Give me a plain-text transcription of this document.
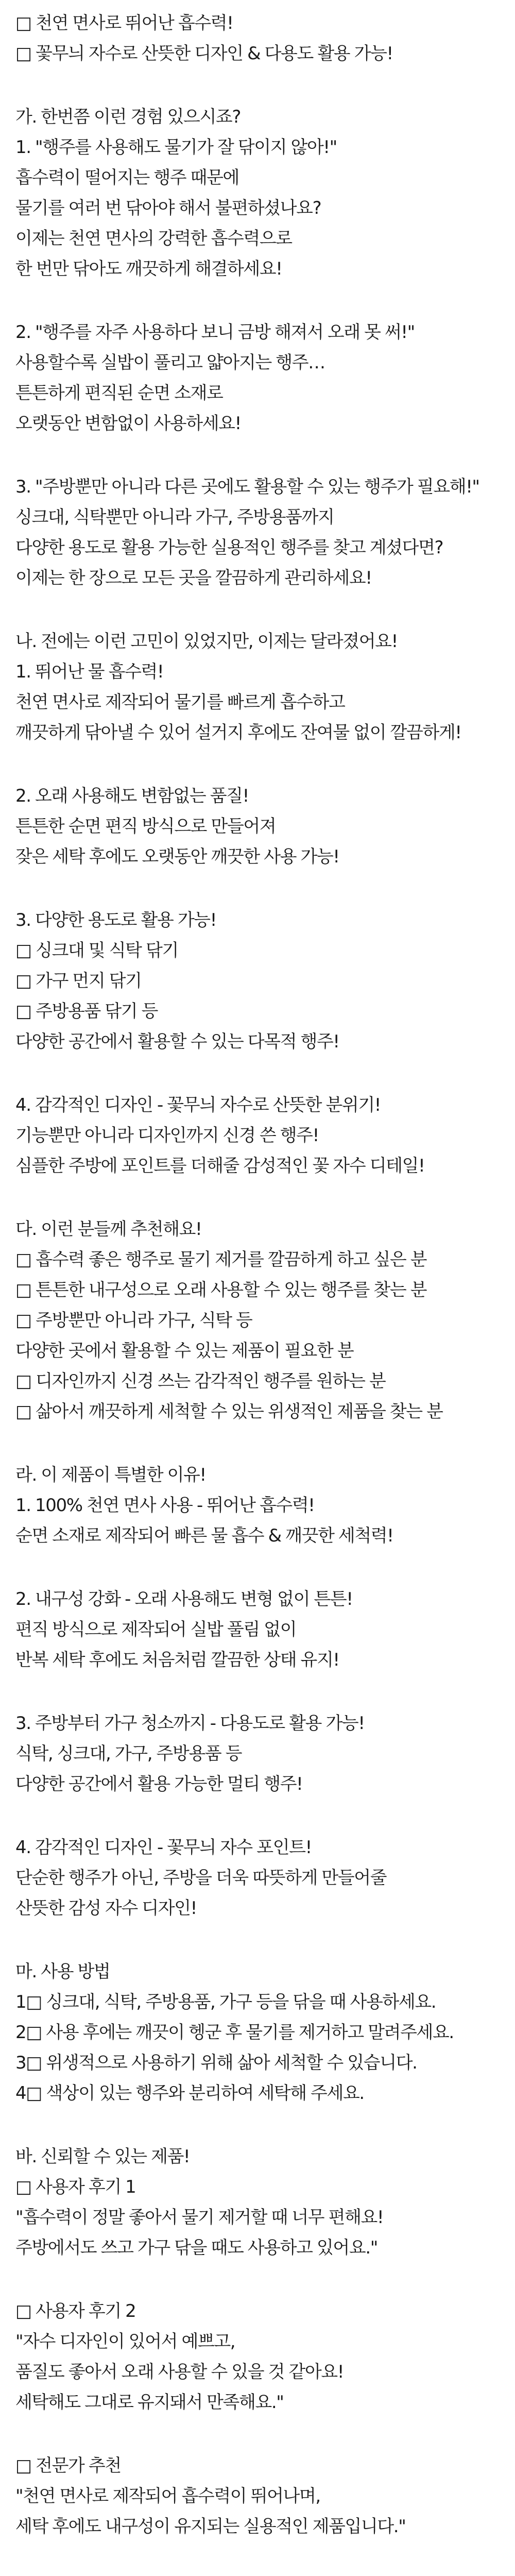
□ 천연 면사로 뛰어난 흡수력!
□ 꽃무늬 자수로 산뜻한 디자인 & 다용도 활용 가능!
가. 한번쯤 이런 경험 있으시죠?
1. "행주를 사용해도 물기가 잘 닦이지 않아!"
흡수력이 떨어지는 행주 때문에
물기를 여러 번 닦아야 해서 불편하셨나요?
이제는 천연 면사의 강력한 흡수력으로
한 번만 닦아도 깨끗하게 해결하세요!
2. "행주를 자주 사용하다 보니 금방 해져서 오래 못 써!"
사용할수록 실밥이 풀리고 얇아지는 행주…
튼튼하게 편직된 순면 소재로
오랫동안 변함없이 사용하세요!
3. "주방뿐만 아니라 다른 곳에도 활용할 수 있는 행주가 필요해!"
싱크대, 식탁뿐만 아니라 가구, 주방용품까지
다양한 용도로 활용 가능한 실용적인 행주를 찾고 계셨다면?
이제는 한 장으로 모든 곳을 깔끔하게 관리하세요!
나. 전에는 이런 고민이 있었지만, 이제는 달라졌어요!
1. 뛰어난 물 흡수력!
천연 면사로 제작되어 물기를 빠르게 흡수하고
깨끗하게 닦아낼 수 있어 설거지 후에도 잔여물 없이 깔끔하게!
2. 오래 사용해도 변함없는 품질!
튼튼한 순면 편직 방식으로 만들어져
잦은 세탁 후에도 오랫동안 깨끗한 사용 가능!
3. 다양한 용도로 활용 가능!
□ 싱크대 및 식탁 닦기
□ 가구 먼지 닦기
□ 주방용품 닦기 등
다양한 공간에서 활용할 수 있는 다목적 행주!
4. 감각적인 디자인 - 꽃무늬 자수로 산뜻한 분위기!
기능뿐만 아니라 디자인까지 신경 쓴 행주!
심플한 주방에 포인트를 더해줄 감성적인 꽃 자수 디테일!
다. 이런 분들께 추천해요!
□ 흡수력 좋은 행주로 물기 제거를 깔끔하게 하고 싶은 분
□ 튼튼한 내구성으로 오래 사용할 수 있는 행주를 찾는 분
□ 주방뿐만 아니라 가구, 식탁 등
다양한 곳에서 활용할 수 있는 제품이 필요한 분
□ 디자인까지 신경 쓰는 감각적인 행주를 원하는 분
□ 삶아서 깨끗하게 세척할 수 있는 위생적인 제품을 찾는 분
라. 이 제품이 특별한 이유!
1. 100% 천연 면사 사용 - 뛰어난 흡수력!
순면 소재로 제작되어 빠른 물 흡수 & 깨끗한 세척력!
2. 내구성 강화 - 오래 사용해도 변형 없이 튼튼!
편직 방식으로 제작되어 실밥 풀림 없이
반복 세탁 후에도 처음처럼 깔끔한 상태 유지!
3. 주방부터 가구 청소까지 - 다용도로 활용 가능!
식탁, 싱크대, 가구, 주방용품 등
다양한 공간에서 활용 가능한 멀티 행주!
4. 감각적인 디자인 - 꽃무늬 자수 포인트!
단순한 행주가 아닌, 주방을 더욱 따뜻하게 만들어줄
산뜻한 감성 자수 디자인!
마. 사용 방법
1□ 싱크대, 식탁, 주방용품, 가구 등을 닦을 때 사용하세요.
2□ 사용 후에는 깨끗이 헹군 후 물기를 제거하고 말려주세요.
3□ 위생적으로 사용하기 위해 삶아 세척할 수 있습니다.
4□ 색상이 있는 행주와 분리하여 세탁해 주세요.
바. 신뢰할 수 있는 제품!
□ 사용자 후기 1
"흡수력이 정말 좋아서 물기 제거할 때 너무 편해요!
주방에서도 쓰고 가구 닦을 때도 사용하고 있어요."
□ 사용자 후기 2
"자수 디자인이 있어서 예쁘고,
품질도 좋아서 오래 사용할 수 있을 것 같아요!
세탁해도 그대로 유지돼서 만족해요."
□ 전문가 추천
"천연 면사로 제작되어 흡수력이 뛰어나며,
세탁 후에도 내구성이 유지되는 실용적인 제품입니다."
